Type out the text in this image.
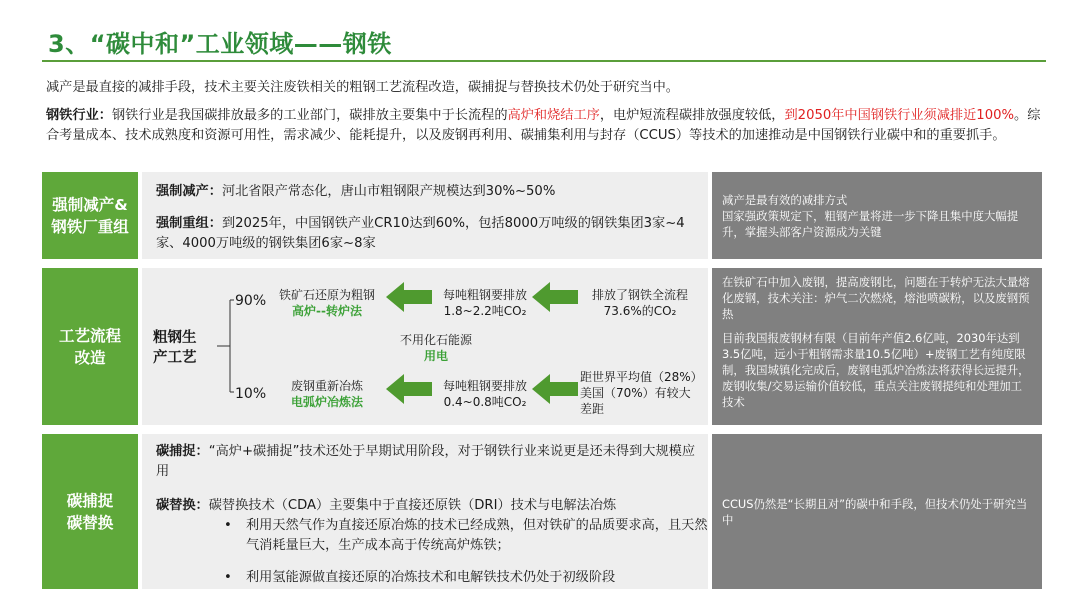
3、“碳中和”工业领域——钢铁
减产是最直接的减排手段，技术主要关注废铁相关的粗钢工艺流程改造，碳捕捉与替换技术仍处于研究当中。
钢铁行业：钢铁行业是我国碳排放最多的工业部门，碳排放主要集中于长流程的高炉和烧结工序，电炉短流程碳排放强度较低，到2050年中国钢铁行业须减排近100%。综合考量成本、技术成熟度和资源可用性，需求减少、能耗提升，以及废钢再利用、碳捕集利用与封存（CCUS）等技术的加速推动是中国钢铁行业碳中和的重要抓手。
强制减产&
钢铁厂重组
强制减产：河北省限产常态化，唐山市粗钢限产规模达到30%~50%
强制重组：到2025年，中国钢铁产业CR10达到60%，包括8000万吨级的钢铁集团3家~4家、4000万吨级的钢铁集团6家~8家

减产是最有效的减排方式

国家强政策规定下，粗钢产量将进一步下降且集中度大幅提升，掌握头部客户资源成为关键

工艺流程
改造
粗钢生
产工艺
90%
10%
铁矿石还原为粗钢
高炉--转炉法
每吨粗钢要排放
1.8~2.2吨CO₂
排放了钢铁全流程
73.6%的CO₂
不用化石能源
用电
废钢重新冶炼
电弧炉冶炼法
每吨粗钢要排放
0.4~0.8吨CO₂
距世界平均值（28%）
美国（70%）有较大
差距

在铁矿石中加入废钢，提高废钢比，问题在于转炉无法大量熔化废钢，技术关注：炉气二次燃烧，熔池喷碳粉，以及废钢预热

目前我国报废钢材有限（目前年产值2.6亿吨，2030年达到3.5亿吨，远小于粗钢需求量10.5亿吨）+废钢工艺有纯度限制，我国城镇化完成后，废钢电弧炉冶炼法将获得长远提升，废钢收集/交易运输价值较低，重点关注废钢提纯和处理加工技术

碳捕捉
碳替换
碳捕捉：“高炉+碳捕捉”技术还处于早期试用阶段，对于钢铁行业来说更是还未得到大规模应用
碳替换：碳替换技术（CDA）主要集中于直接还原铁（DRI）技术与电解法冶炼
• 利用天然气作为直接还原冶炼的技术已经成熟，但对铁矿的品质要求高，且天然气消耗量巨大，生产成本高于传统高炉炼铁；
• 利用氢能源做直接还原的冶炼技术和电解铁技术仍处于初级阶段

CCUS仍然是“长期且对”的碳中和手段，但技术仍处于研究当中
